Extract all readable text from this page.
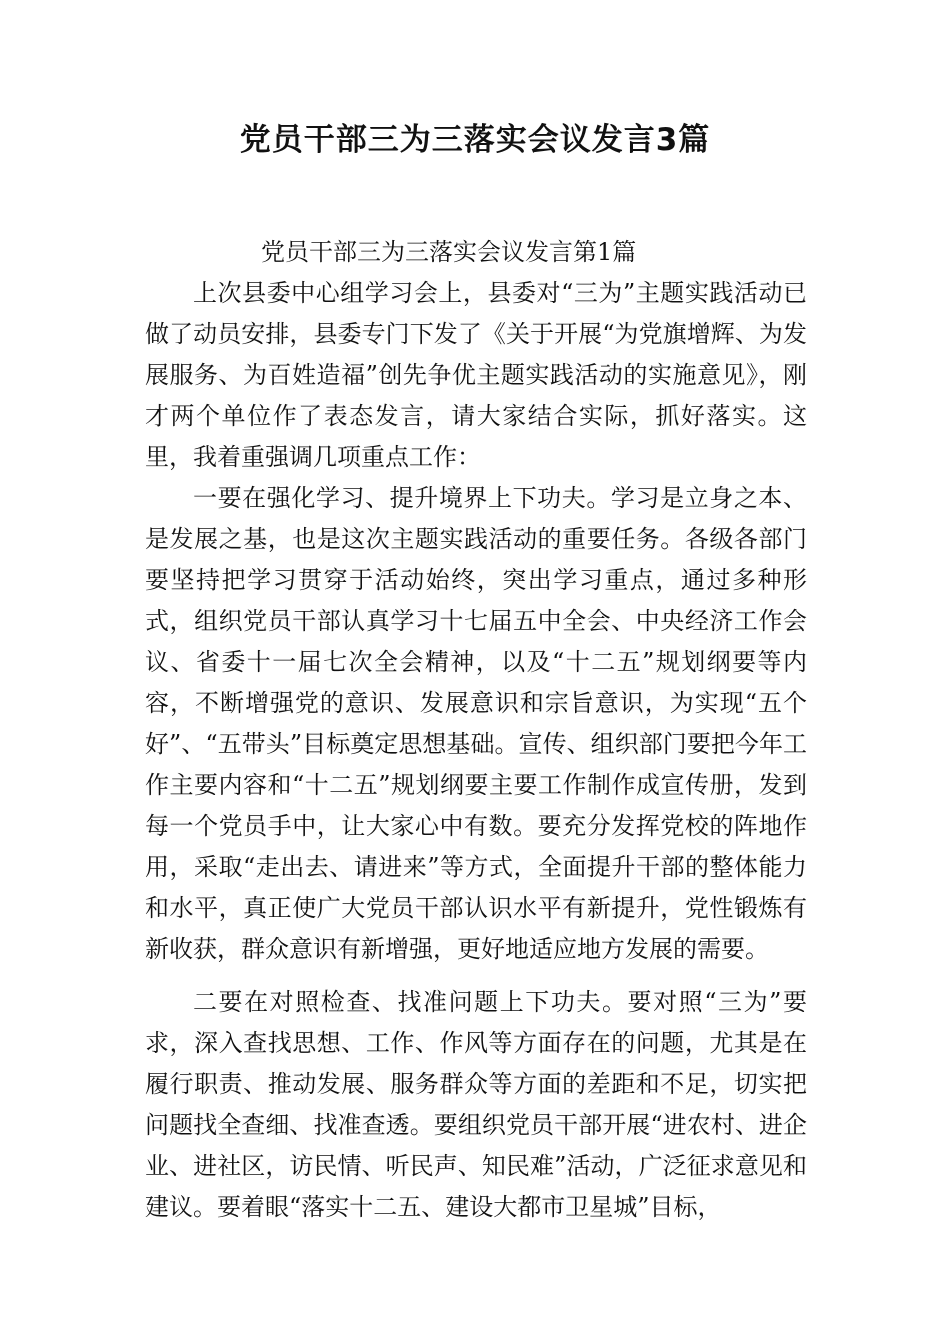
党员干部三为三落实会议发言3篇

党员干部三为三落实会议发言第1篇

上次县委中心组学习会上，县委对“三为”主题实践活动已做了动员安排，县委专门下发了《关于开展“为党旗增辉、为发展服务、为百姓造福”创先争优主题实践活动的实施意见》，刚才两个单位作了表态发言，请大家结合实际，抓好落实。这里，我着重强调几项重点工作：

一要在强化学习、提升境界上下功夫。学习是立身之本、是发展之基，也是这次主题实践活动的重要任务。各级各部门要坚持把学习贯穿于活动始终，突出学习重点，通过多种形式，组织党员干部认真学习十七届五中全会、中央经济工作会议、省委十一届七次全会精神，以及“十二五”规划纲要等内容，不断增强党的意识、发展意识和宗旨意识，为实现“五个好”、“五带头”目标奠定思想基础。宣传、组织部门要把今年工作主要内容和“十二五”规划纲要主要工作制作成宣传册，发到每一个党员手中，让大家心中有数。要充分发挥党校的阵地作用，采取“走出去、请进来”等方式，全面提升干部的整体能力和水平，真正使广大党员干部认识水平有新提升，党性锻炼有新收获，群众意识有新增强，更好地适应地方发展的需要。

二要在对照检查、找准问题上下功夫。要对照“三为”要求，深入查找思想、工作、作风等方面存在的问题，尤其是在履行职责、推动发展、服务群众等方面的差距和不足，切实把问题找全查细、找准查透。要组织党员干部开展“进农村、进企业、进社区，访民情、听民声、知民难”活动，广泛征求意见和建议。要着眼“落实十二五、建设大都市卫星城”目标，
